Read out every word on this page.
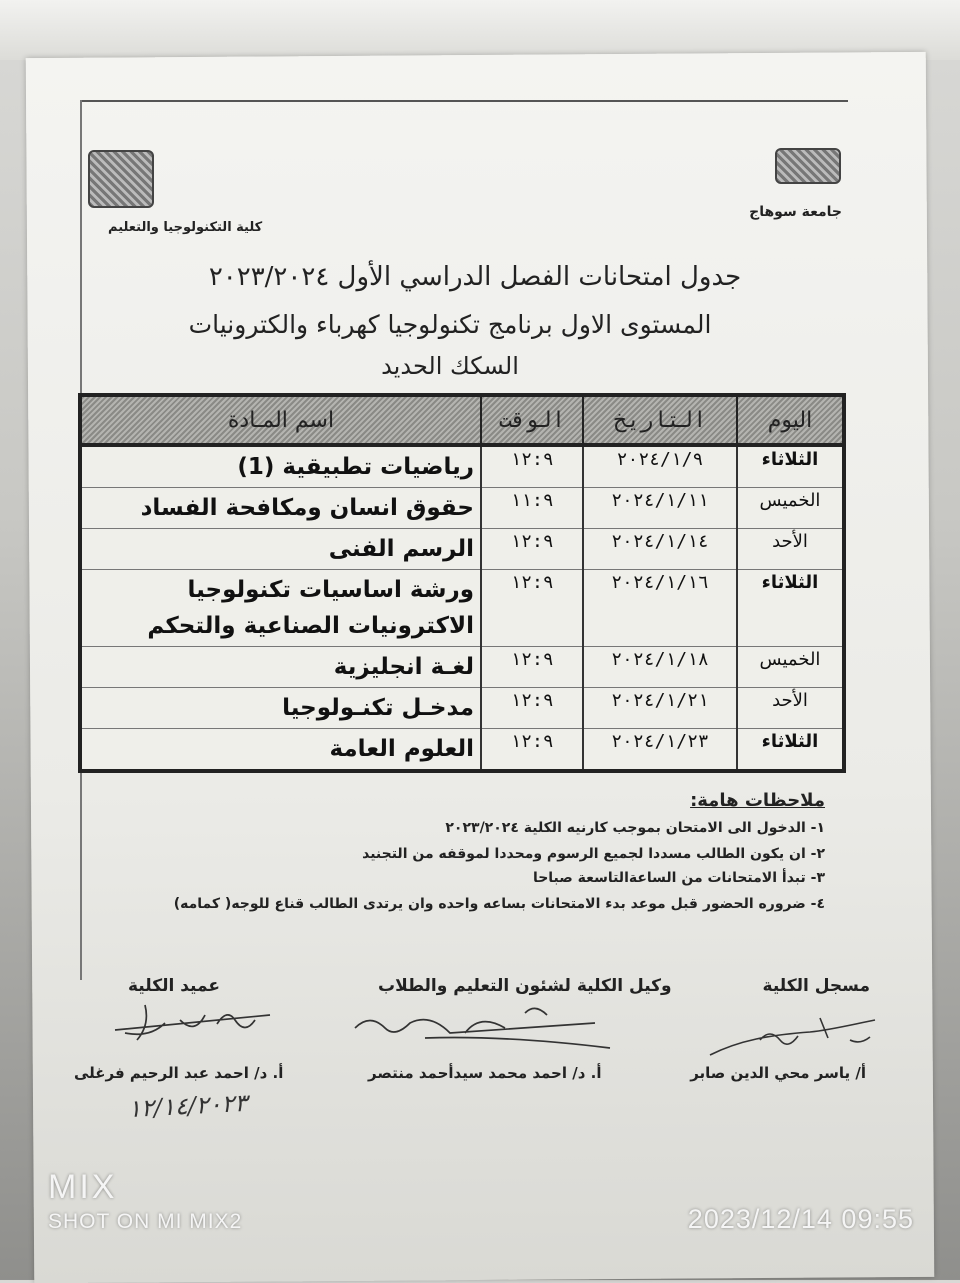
جامعة سوهاج
كلية التكنولوجيا والتعليم
جدول امتحانات الفصل الدراسي الأول ٢٠٢٣/٢٠٢٤
المستوى الاول برنامج تكنولوجيا كهرباء والكترونيات
السكك الحديد
اليوم	التاريخ	الوقت	اسم المـادة
الثلاثاء	٢٠٢٤/١/٩	١٢:٩	رياضيات تطبيقية (1)
الخميس	٢٠٢٤/١/١١	١١:٩	حقوق انسان ومكافحة الفساد
الأحد	٢٠٢٤/١/١٤	١٢:٩	الرسم الفنى
الثلاثاء	٢٠٢٤/١/١٦	١٢:٩	ورشة اساسيات تكنولوجيا
الاكترونيات الصناعية والتحكم

الخميس	٢٠٢٤/١/١٨	١٢:٩	لغـة انجليزية
الأحد	٢٠٢٤/١/٢١	١٢:٩	مدخـل تكنـولوجيا
الثلاثاء	٢٠٢٤/١/٢٣	١٢:٩	العلوم العامة
ملاحظات هامة:
١- الدخول الى الامتحان بموجب كارنيه الكلية ٢٠٢٣/٢٠٢٤
٢- ان يكون الطالب مسددا لجميع الرسوم ومحددا لموقفه من التجنيد
٣- تبدأ الامتحانات من الساعةالتاسعة صباحا
٤- ضروره الحضور قبل موعد بدء الامتحانات بساعه واحده وان يرتدى الطالب قناع للوجه( كمامه)
مسجل الكلية
وكيل الكلية لشئون التعليم والطلاب
عميد الكلية
أ/ ياسر محي الدين صابر
أ. د/ احمد محمد سيدأحمد منتصر
أ. د/ احمد عبد الرحيم فرغلى
١٢/١٤/٢٠٢٣
MIX
SHOT ON MI MIX2	2023/12/14 09:55
